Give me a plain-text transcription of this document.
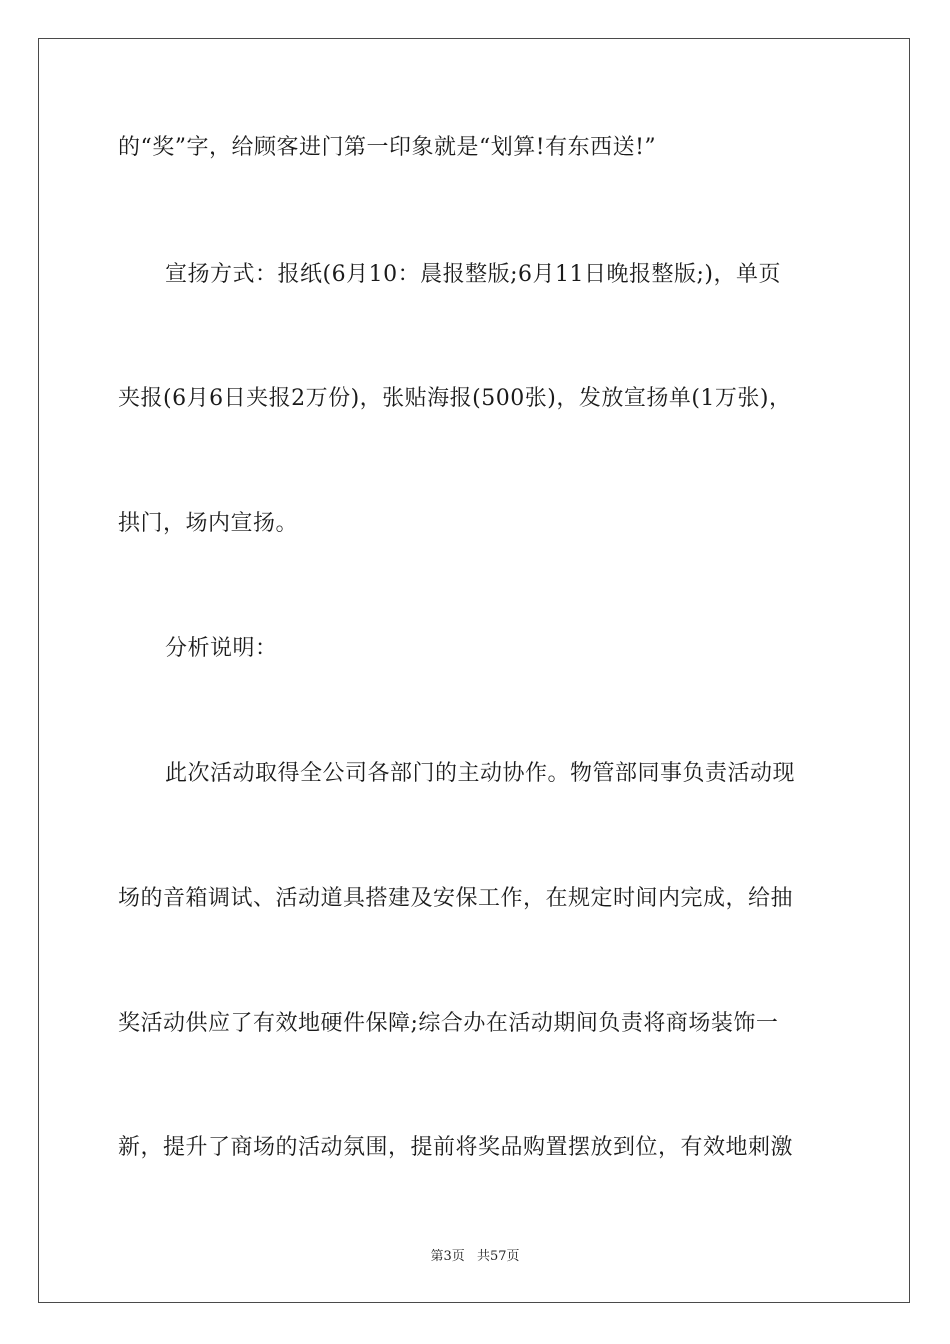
的“奖”字，给顾客进门第一印象就是“划算!有东西送!”
宣扬方式：报纸(6月10：晨报整版;6月11日晚报整版;)，单页
夹报(6月6日夹报2万份)，张贴海报(500张)，发放宣扬单(1万张)，
拱门，场内宣扬。
分析说明：
此次活动取得全公司各部门的主动协作。物管部同事负责活动现
场的音箱调试、活动道具搭建及安保工作，在规定时间内完成，给抽
奖活动供应了有效地硬件保障;综合办在活动期间负责将商场装饰一
新，提升了商场的活动氛围，提前将奖品购置摆放到位，有效地刺激
第3页 共57页
